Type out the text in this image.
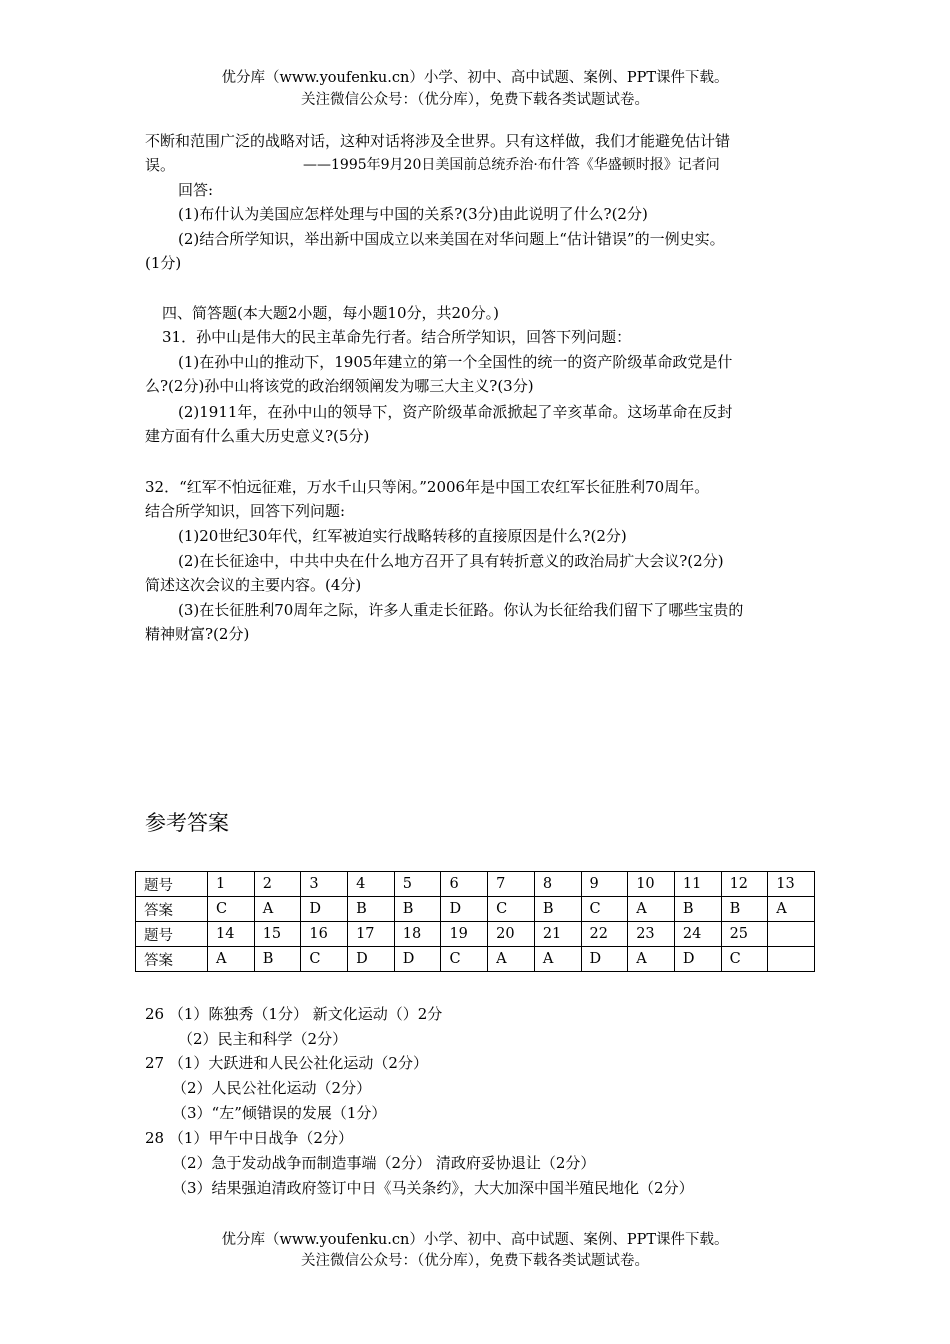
优分库（www.youfenku.cn）小学、初中、高中试题、案例、PPT课件下载。
关注微信公众号：（优分库），免费下载各类试题试卷。
不断和范围广泛的战略对话，这种对话将涉及全世界。只有这样做，我们才能避免估计错
误。	——1995年9月20日美国前总统乔治·布什答《华盛顿时报》记者问
回答:
(1)布什认为美国应怎样处理与中国的关系?(3分)由此说明了什么?(2分)
(2)结合所学知识，举出新中国成立以来美国在对华问题上“估计错误”的一例史实。
(1分)
四、简答题(本大题2小题，每小题10分，共20分。)
31．孙中山是伟大的民主革命先行者。结合所学知识，回答下列问题：
(1)在孙中山的推动下，1905年建立的第一个全国性的统一的资产阶级革命政党是什
么?(2分)孙中山将该党的政治纲领阐发为哪三大主义?(3分)
(2)1911年，在孙中山的领导下，资产阶级革命派掀起了辛亥革命。这场革命在反封
建方面有什么重大历史意义?(5分)
32．“红军不怕远征难，万水千山只等闲。”2006年是中国工农红军长征胜利70周年。
结合所学知识，回答下列问题:
(1)20世纪30年代，红军被迫实行战略转移的直接原因是什么?(2分)
(2)在长征途中，中共中央在什么地方召开了具有转折意义的政治局扩大会议?(2分)
简述这次会议的主要内容。(4分)
(3)在长征胜利70周年之际，许多人重走长征路。你认为长征给我们留下了哪些宝贵的
精神财富?(2分)
参考答案
题号	1	2	3	4	5	6	7	8	9	10	11	12	13
答案	C	A	D	B	B	D	C	B	C	A	B	B	A
题号	14	15	16	17	18	19	20	21	22	23	24	25	
答案	A	B	C	D	D	C	A	A	D	A	D	C	
26 （1）陈独秀（1分） 新文化运动（）2分
（2）民主和科学（2分）
27 （1）大跃进和人民公社化运动（2分）
（2）人民公社化运动（2分）
（3）“左”倾错误的发展（1分）
28 （1）甲午中日战争（2分）
（2）急于发动战争而制造事端（2分） 清政府妥协退让（2分）
（3）结果强迫清政府签订中日《马关条约》，大大加深中国半殖民地化（2分）
优分库（www.youfenku.cn）小学、初中、高中试题、案例、PPT课件下载。
关注微信公众号：（优分库），免费下载各类试题试卷。
